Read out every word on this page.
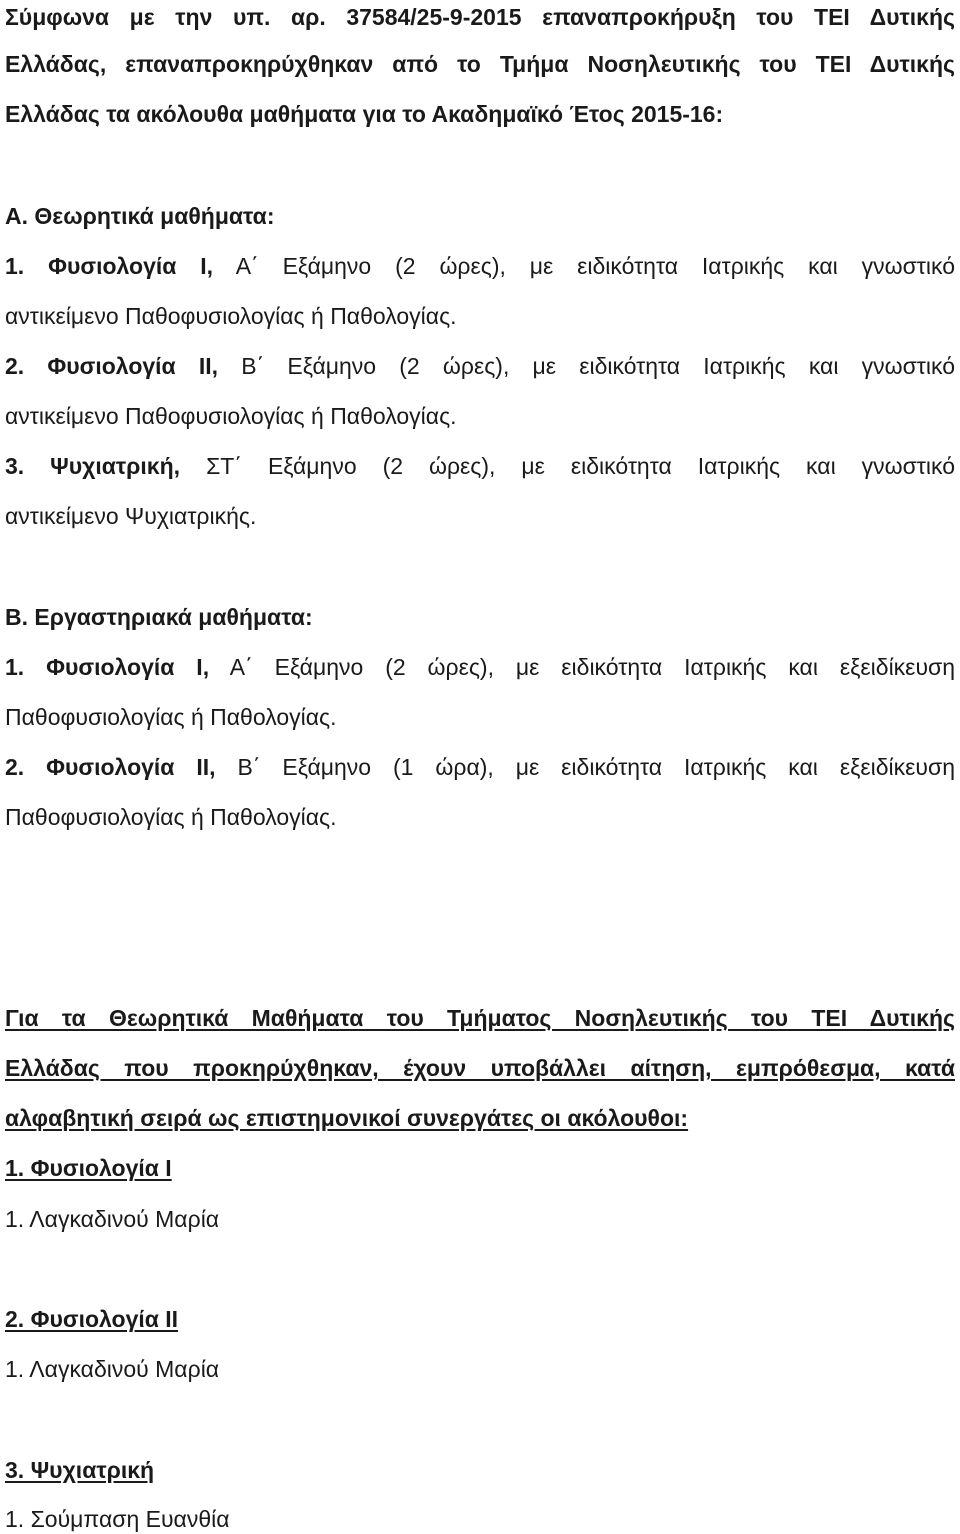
Σύμφωνα με την υπ. αρ. 37584/25-9-2015 επαναπροκήρυξη του ΤΕΙ Δυτικής
Ελλάδας, επαναπροκηρύχθηκαν από το Τμήμα Νοσηλευτικής του ΤΕΙ Δυτικής
Ελλάδας τα ακόλουθα μαθήματα για το Ακαδημαϊκό Έτος 2015-16:
Α. Θεωρητικά μαθήματα:
1. Φυσιολογία Ι, Α΄ Εξάμηνο (2 ώρες), με ειδικότητα Ιατρικής και γνωστικό
αντικείμενο Παθοφυσιολογίας ή Παθολογίας.
2. Φυσιολογία ΙΙ, Β΄ Εξάμηνο (2 ώρες), με ειδικότητα Ιατρικής και γνωστικό
αντικείμενο Παθοφυσιολογίας ή Παθολογίας.
3. Ψυχιατρική, ΣΤ΄ Εξάμηνο (2 ώρες), με ειδικότητα Ιατρικής και γνωστικό
αντικείμενο Ψυχιατρικής.
Β. Εργαστηριακά μαθήματα:
1. Φυσιολογία Ι, Α΄ Εξάμηνο (2 ώρες), με ειδικότητα Ιατρικής και εξειδίκευση
Παθοφυσιολογίας ή Παθολογίας.
2. Φυσιολογία ΙΙ, Β΄ Εξάμηνο (1 ώρα), με ειδικότητα Ιατρικής και εξειδίκευση
Παθοφυσιολογίας ή Παθολογίας.
Για τα Θεωρητικά Μαθήματα του Τμήματος Νοσηλευτικής του ΤΕΙ Δυτικής
Ελλάδας που προκηρύχθηκαν, έχουν υποβάλλει αίτηση, εμπρόθεσμα, κατά
αλφαβητική σειρά ως επιστημονικοί συνεργάτες οι ακόλουθοι:
1. Φυσιολογία Ι
1. Λαγκαδινού Μαρία
2. Φυσιολογία ΙΙ
1. Λαγκαδινού Μαρία
3. Ψυχιατρική
1. Σούμπαση Ευανθία
